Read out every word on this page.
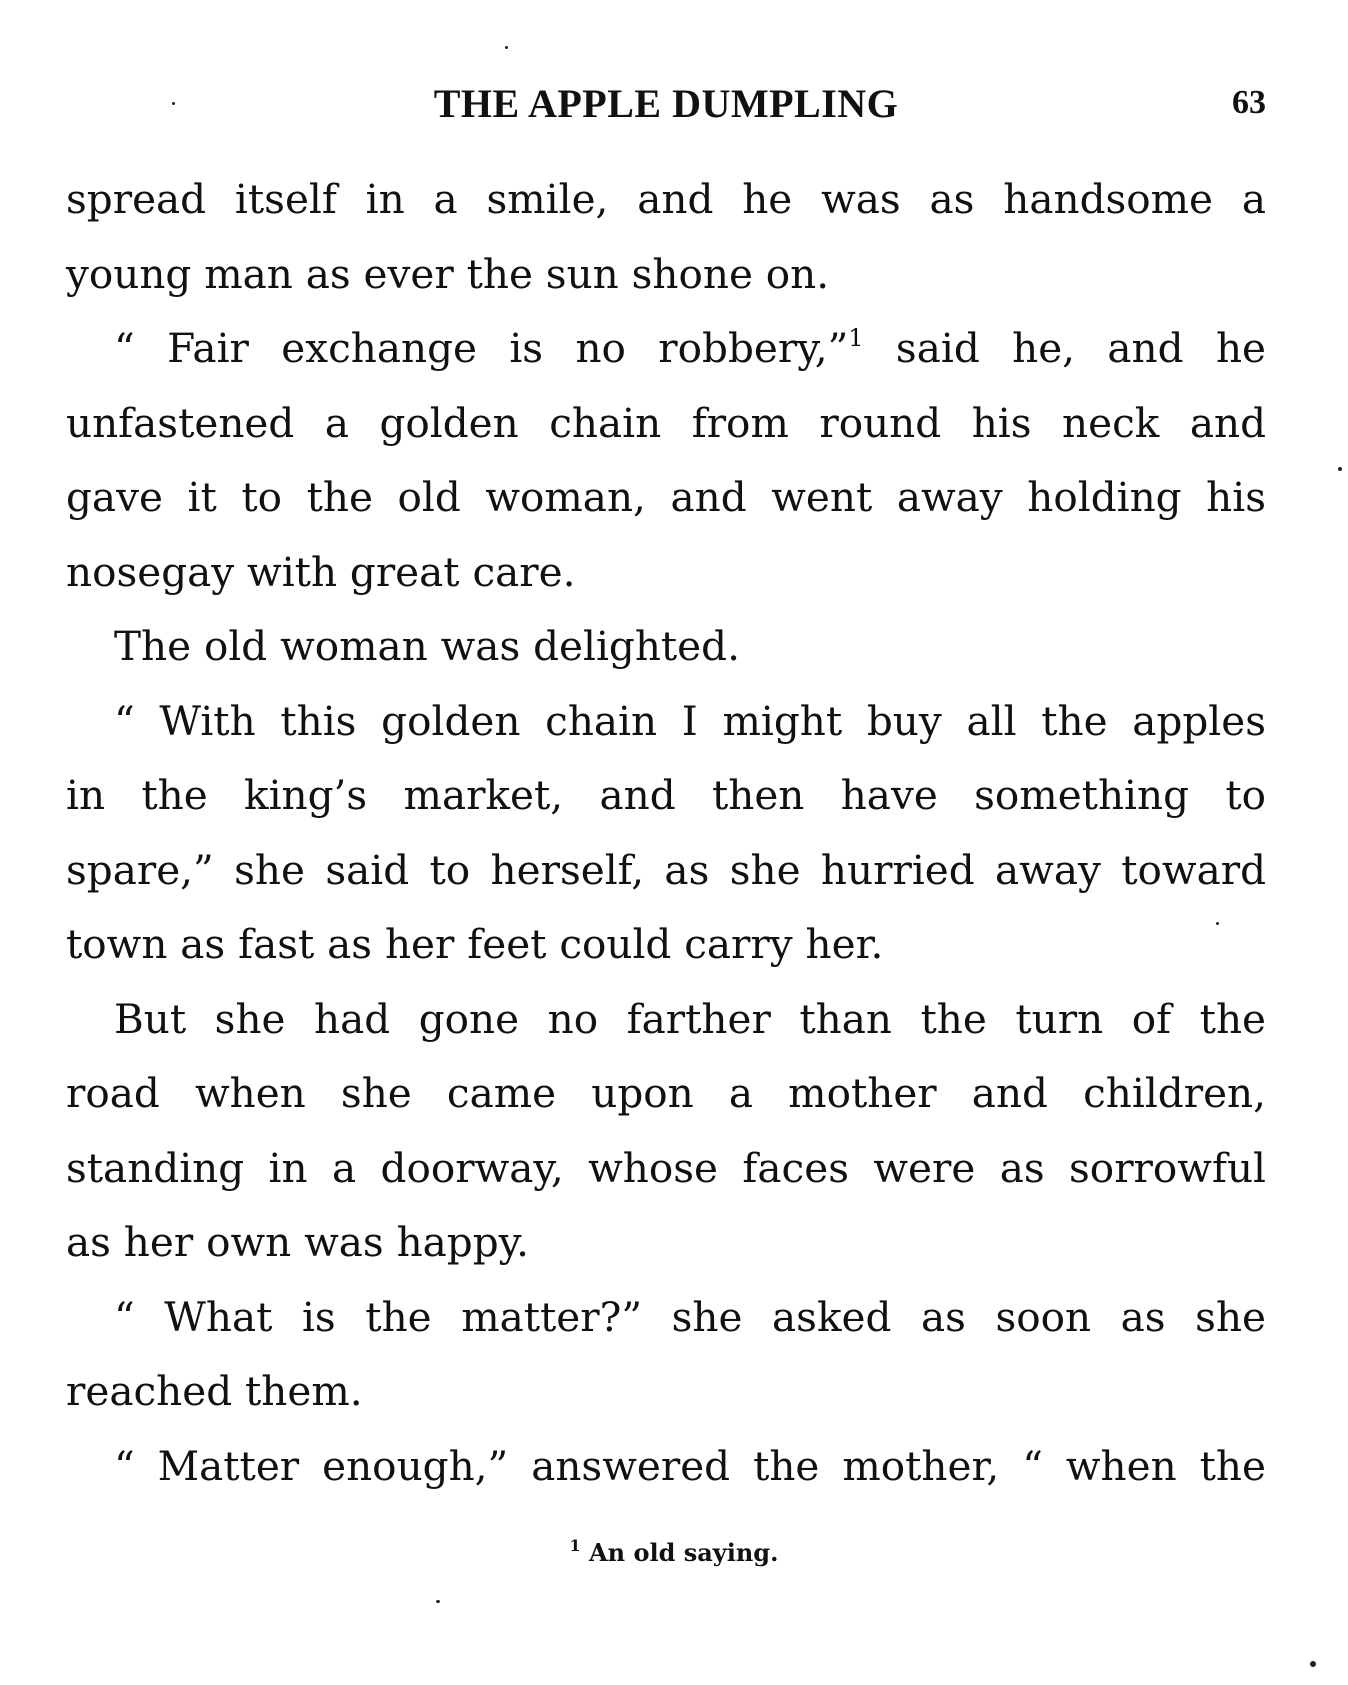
THE APPLE DUMPLING	63
spread itself in a smile, and he was as handsome a
young man as ever the sun shone on.
“ Fair exchange is no robbery,”$^1$ said he, and he
unfastened a golden chain from round his neck and
gave it to the old woman, and went away holding his
nosegay with great care.
The old woman was delighted.
“ With this golden chain I might buy all the apples
in the king’s market, and then have something to
spare,” she said to herself, as she hurried away toward
town as fast as her feet could carry her.
But she had gone no farther than the turn of the
road when she came upon a mother and children,
standing in a doorway, whose faces were as sorrowful
as her own was happy.
“ What is the matter?” she asked as soon as she
reached them.
“ Matter enough,” answered the mother, “ when the
$^1$ An old saying.
